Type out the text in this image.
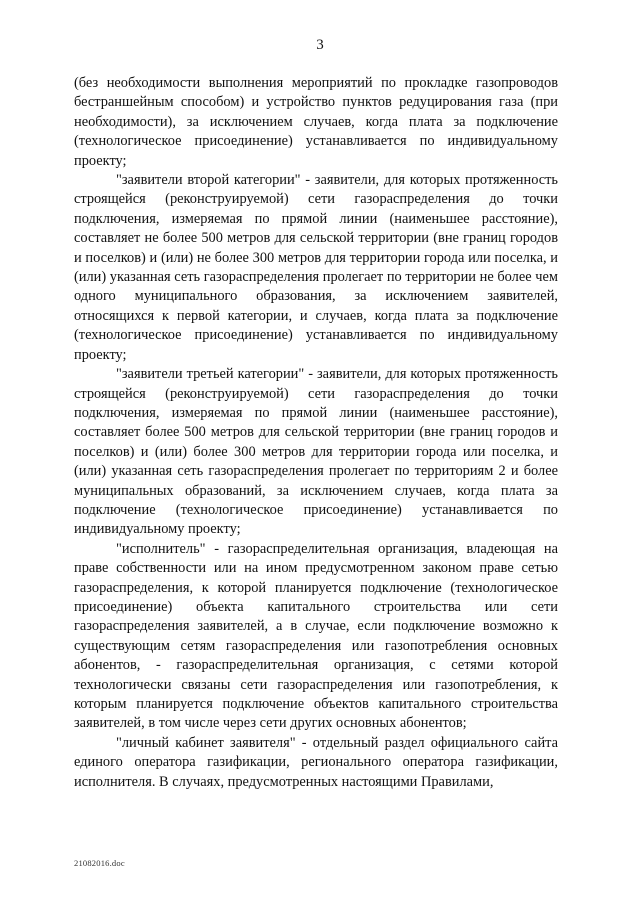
3

(без необходимости выполнения мероприятий по прокладке газопроводов бестраншейным способом) и устройство пунктов редуцирования газа (при необходимости), за исключением случаев, когда плата за подключение (технологическое присоединение) устанавливается по индивидуальному проекту;

"заявители второй категории" - заявители, для которых протяженность строящейся (реконструируемой) сети газораспределения до точки подключения, измеряемая по прямой линии (наименьшее расстояние), составляет не более 500 метров для сельской территории (вне границ городов и поселков) и (или) не более 300 метров для территории города или поселка, и (или) указанная сеть газораспределения пролегает по территории не более чем одного муниципального образования, за исключением заявителей, относящихся к первой категории, и случаев, когда плата за подключение (технологическое присоединение) устанавливается по индивидуальному проекту;

"заявители третьей категории" - заявители, для которых протяженность строящейся (реконструируемой) сети газораспределения до точки подключения, измеряемая по прямой линии (наименьшее расстояние), составляет более 500 метров для сельской территории (вне границ городов и поселков) и (или) более 300 метров для территории города или поселка, и (или) указанная сеть газораспределения пролегает по территориям 2 и более муниципальных образований, за исключением случаев, когда плата за подключение (технологическое присоединение) устанавливается по индивидуальному проекту;

"исполнитель" - газораспределительная организация, владеющая на праве собственности или на ином предусмотренном законом праве сетью газораспределения, к которой планируется подключение (технологическое присоединение) объекта капитального строительства или сети газораспределения заявителей, а в случае, если подключение возможно к существующим сетям газораспределения или газопотребления основных абонентов, - газораспределительная организация, с сетями которой технологически связаны сети газораспределения или газопотребления, к которым планируется подключение объектов капитального строительства заявителей, в том числе через сети других основных абонентов;

"личный кабинет заявителя" - отдельный раздел официального сайта единого оператора газификации, регионального оператора газификации, исполнителя. В случаях, предусмотренных настоящими Правилами,

21082016.doc
